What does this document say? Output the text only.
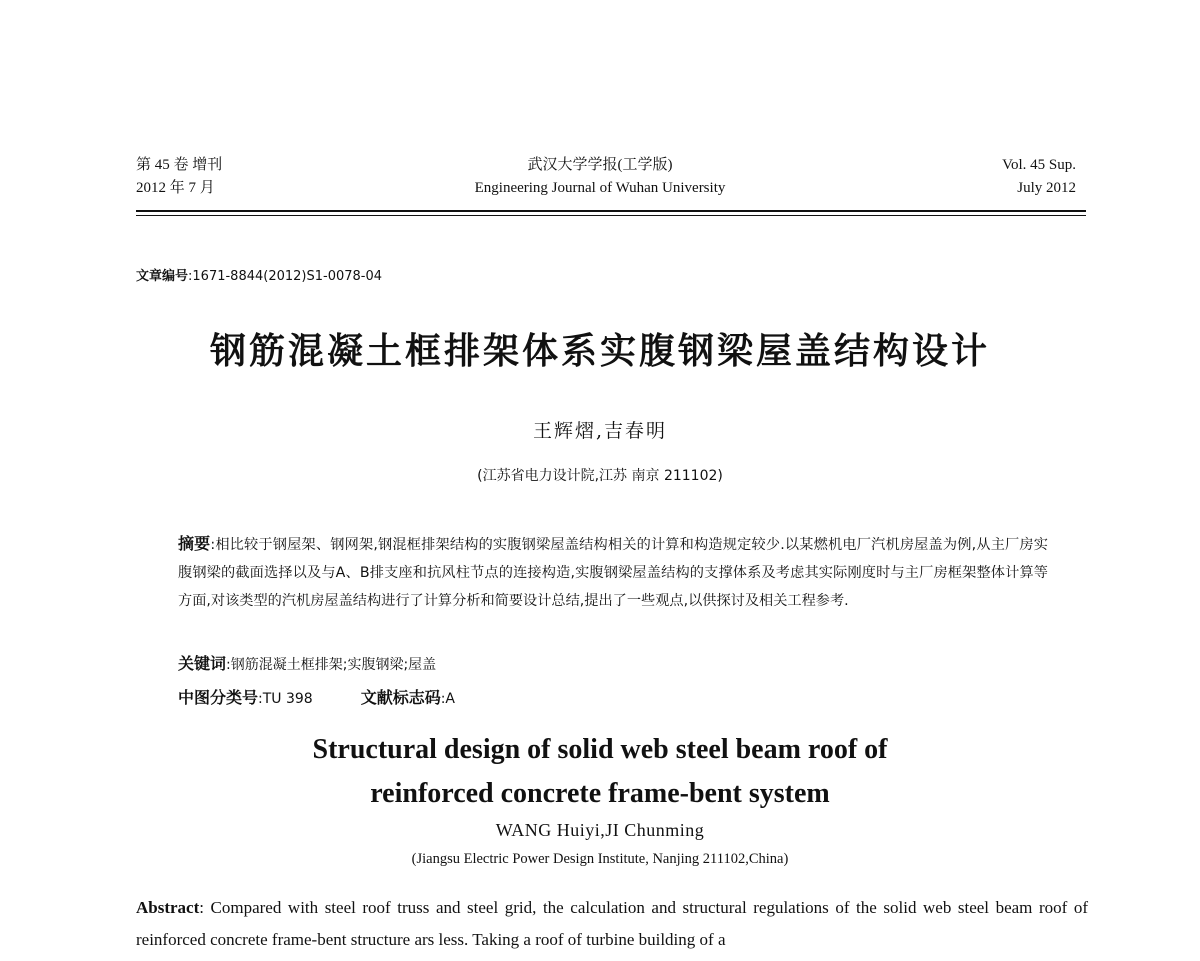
第 45 卷 增刊
2012 年 7 月
武汉大学学报(工学版)
Engineering Journal of Wuhan University
Vol. 45 Sup.
July 2012
文章编号:1671-8844(2012)S1-0078-04
钢筋混凝土框排架体系实腹钢梁屋盖结构设计
王辉熠,吉春明
(江苏省电力设计院,江苏 南京 211102)
摘要:相比较于钢屋架、钢网架,钢混框排架结构的实腹钢梁屋盖结构相关的计算和构造规定较少.以某燃机电厂汽机房屋盖为例,从主厂房实腹钢梁的截面选择以及与A、B排支座和抗风柱节点的连接构造,实腹钢梁屋盖结构的支撑体系及考虑其实际刚度时与主厂房框架整体计算等方面,对该类型的汽机房屋盖结构进行了计算分析和简要设计总结,提出了一些观点,以供探讨及相关工程参考.
关键词:钢筋混凝土框排架;实腹钢梁;屋盖
中图分类号:TU 398	文献标志码:A
Structural design of solid web steel beam roof of
reinforced concrete frame-bent system
WANG Huiyi,JI Chunming
(Jiangsu Electric Power Design Institute, Nanjing 211102,China)
Abstract: Compared with steel roof truss and steel grid, the calculation and structural regulations of the solid web steel beam roof of reinforced concrete frame-bent structure ars less. Taking a roof of turbine building of a
